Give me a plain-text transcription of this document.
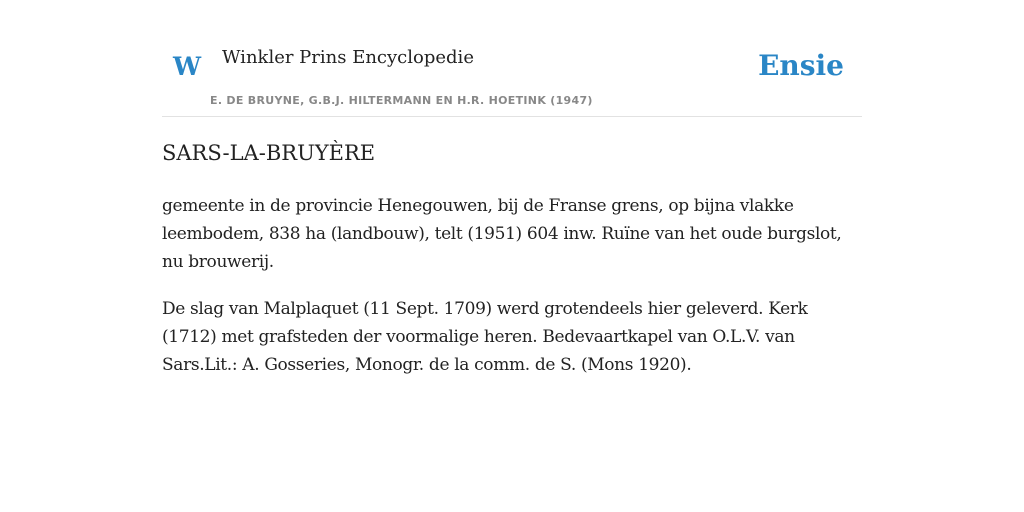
W Winkler Prins Encyclopedie
E. DE BRUYNE, G.B.J. HILTERMANN EN H.R. HOETINK (1947)
Ensie
SARS-LA-BRUYÈRE

gemeente in de provincie Henegouwen, bij de Franse grens, op bijna vlakke leembodem, 838 ha (landbouw), telt (1951) 604 inw. Ruïne van het oude burgslot, nu brouwerij.

De slag van Malplaquet (11 Sept. 1709) werd grotendeels hier geleverd. Kerk (1712) met grafsteden der voormalige heren. Bedevaartkapel van O.L.V. van Sars.Lit.: A. Gosseries, Monogr. de la comm. de S. (Mons 1920).
